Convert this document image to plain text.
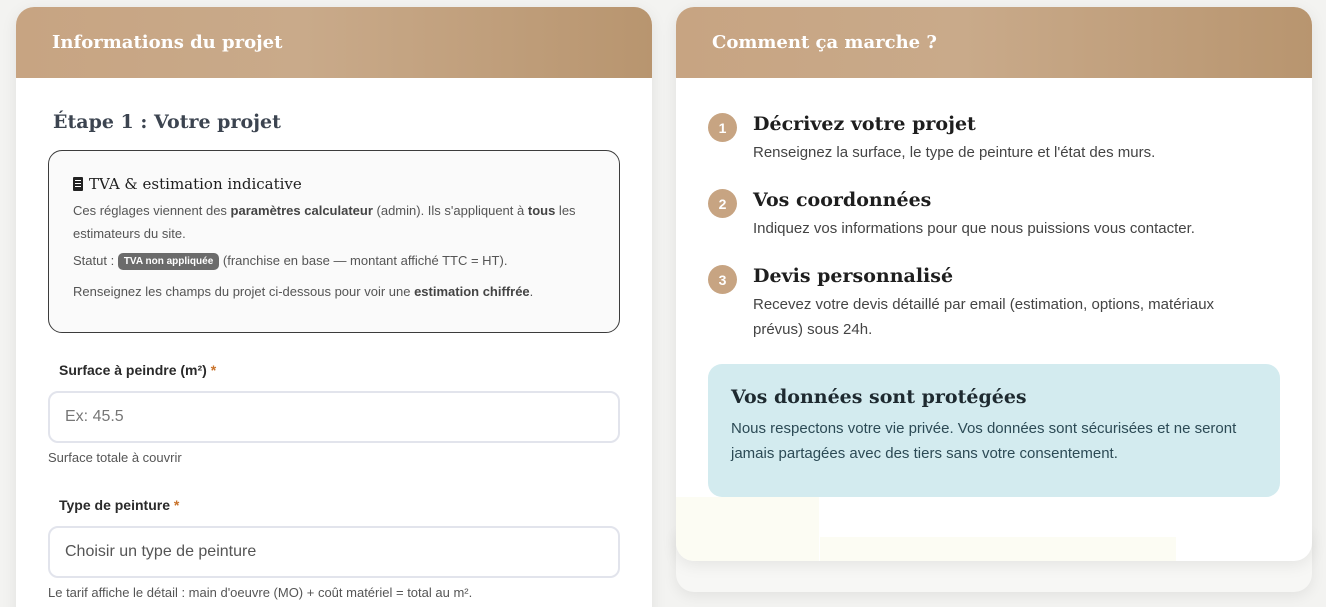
Informations du projet
Étape 1 : Votre projet
TVA & estimation indicative

Ces réglages viennent des paramètres calculateur (admin). Ils s'appliquent à tous les estimateurs du site.

Statut : TVA non appliquée (franchise en base — montant affiché TTC = HT).

Renseignez les champs du projet ci-dessous pour voir une estimation chiffrée.

Surface à peindre (m²) *
Ex: 45.5
Surface totale à couvrir
Type de peinture *
Choisir un type de peinture
Le tarif affiche le détail : main d'oeuvre (MO) + coût matériel = total au m².
Comment ça marche ?
1	Décrivez votre projet

Renseignez la surface, le type de peinture et l'état des murs.

2	Vos coordonnées

Indiquez vos informations pour que nous puissions vous contacter.

3	Devis personnalisé

Recevez votre devis détaillé par email (estimation, options, matériaux prévus) sous 24h.

Vos données sont protégées

Nous respectons votre vie privée. Vos données sont sécurisées et ne seront jamais partagées avec des tiers sans votre consentement.
